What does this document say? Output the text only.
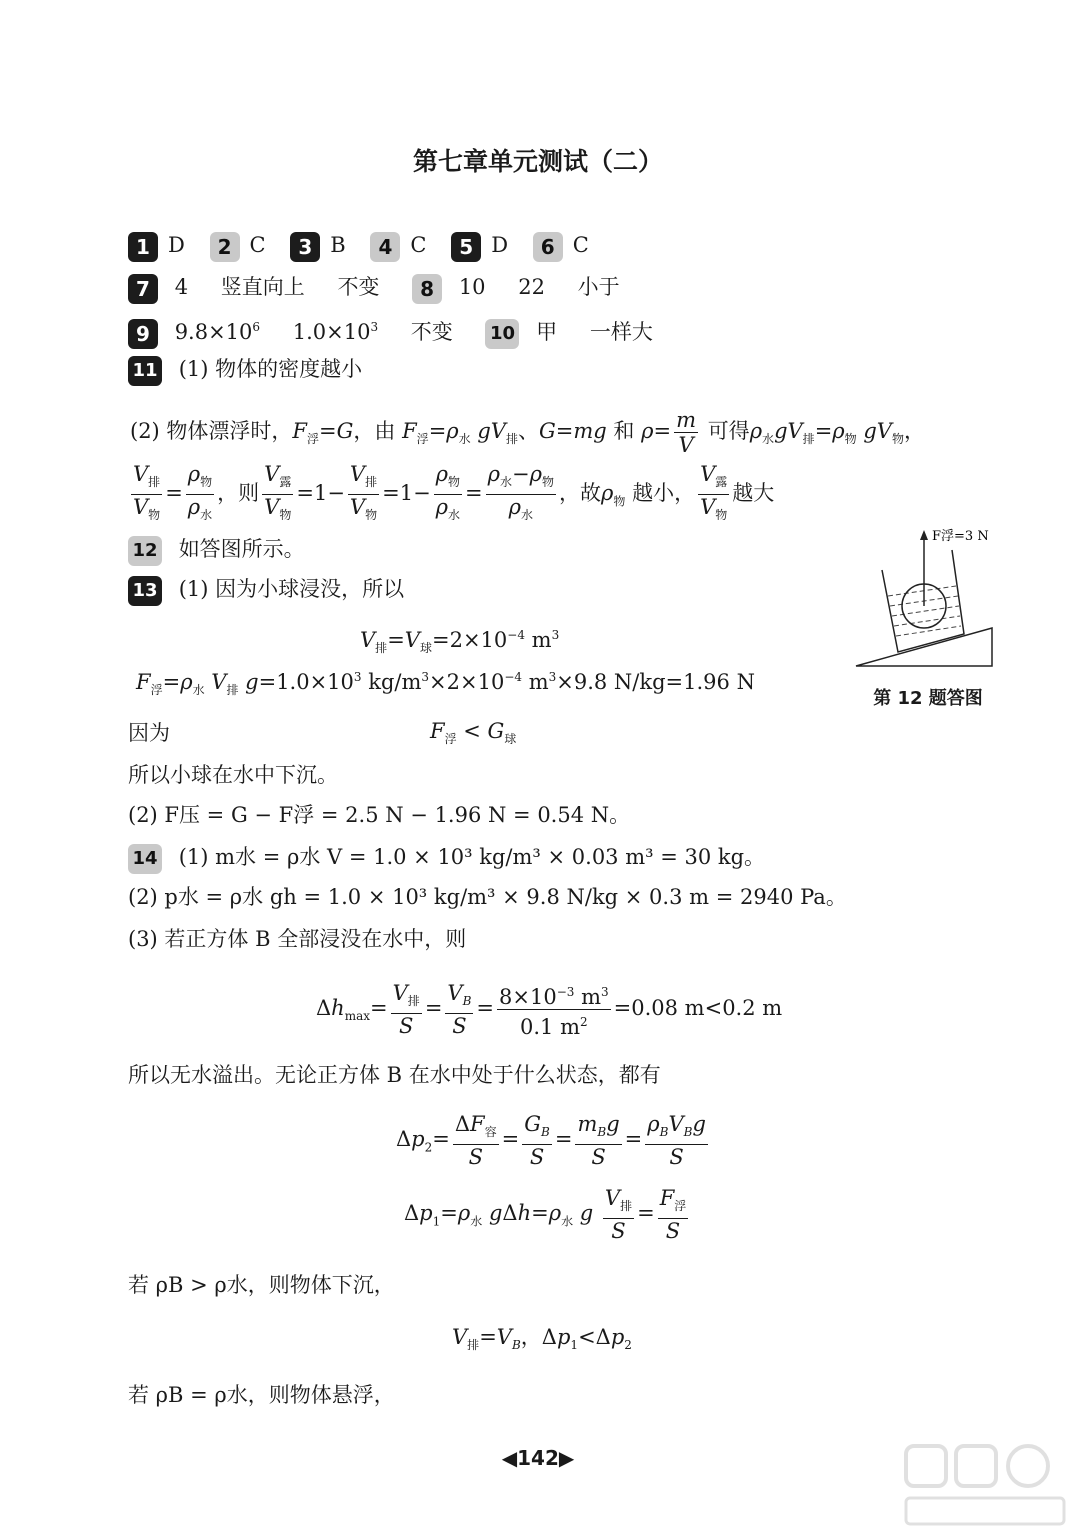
第七章单元测试（二）
1 D 2 C 3 B 4 C 5 D 6 C
7 4 竖直向上 不变 8 10 22 小于
9 $9.8\times 10^6$ $1.0\times 10^3$ 不变 10 甲 一样大
11 (1) 物体的密度越小
(2) 物体漂浮时，$F_浮=G$，由 $F_浮=\rho_水$ $gV_排$、G=mg 和 $\rho= \frac{m}{V}$ 可得$\rho_水gV_排=\rho_物$ $gV_物$，
$\frac{V_排}{V_物} = \frac{\rho_物}{\rho_水}$ ，则 $\frac{V_露}{V_物} =1- \frac{V_排}{V_物} =1- \frac{\rho_物}{\rho_水} = \frac{\rho_水-\rho_物}{\rho_水}$ ，故$\rho_物$ 越小， $\frac{V_露}{V_物}$ 越大
12 如答图所示。
F浮=3 N
第 12 题答图
13 (1) 因为小球浸没，所以
$V_排=V_球=2\times 10^{-4}$ $m^3$
$F_浮=\rho_水$ $V_排$ $g=1.0\times 10^3$ $kg/m^3\times 2\times 10^{-4}$ $m^3\times 9.8$ N/kg=1.96 N
因为	$F_浮 < G_球$
所以小球在水中下沉。
(2) F压 = G − F浮 = 2.5 N − 1.96 N = 0.54 N。
14 (1) m水 = ρ水 V = 1.0 × 10³ kg/m³ × 0.03 m³ = 30 kg。
(2) p水 = ρ水 gh = 1.0 × 10³ kg/m³ × 9.8 N/kg × 0.3 m = 2940 Pa。
(3) 若正方体 B 全部浸没在水中，则
$\Delta h_{max}= \frac{V_排}{S} = \frac{V_B}{S} = \frac{8\times 10^{-3} m^3}{0.1 m^2} =0.08$ m<0.2 m
所以无水溢出。无论正方体 B 在水中处于什么状态，都有
$\Delta p_2= \frac{\Delta F_容}{S} = \frac{G_B}{S} = \frac{m_Bg}{S} = \frac{\rho_BV_Bg}{S}$
$\Delta p_1=\rho_水$ $g\Delta h=\rho_水$ g $\frac{V_排}{S} = \frac{F_浮}{S}$
若 ρB > ρ水，则物体下沉，
$V_排=V_B$，$\Delta p_1<\Delta p_2$
若 ρB = ρ水，则物体悬浮，
◀142▶
